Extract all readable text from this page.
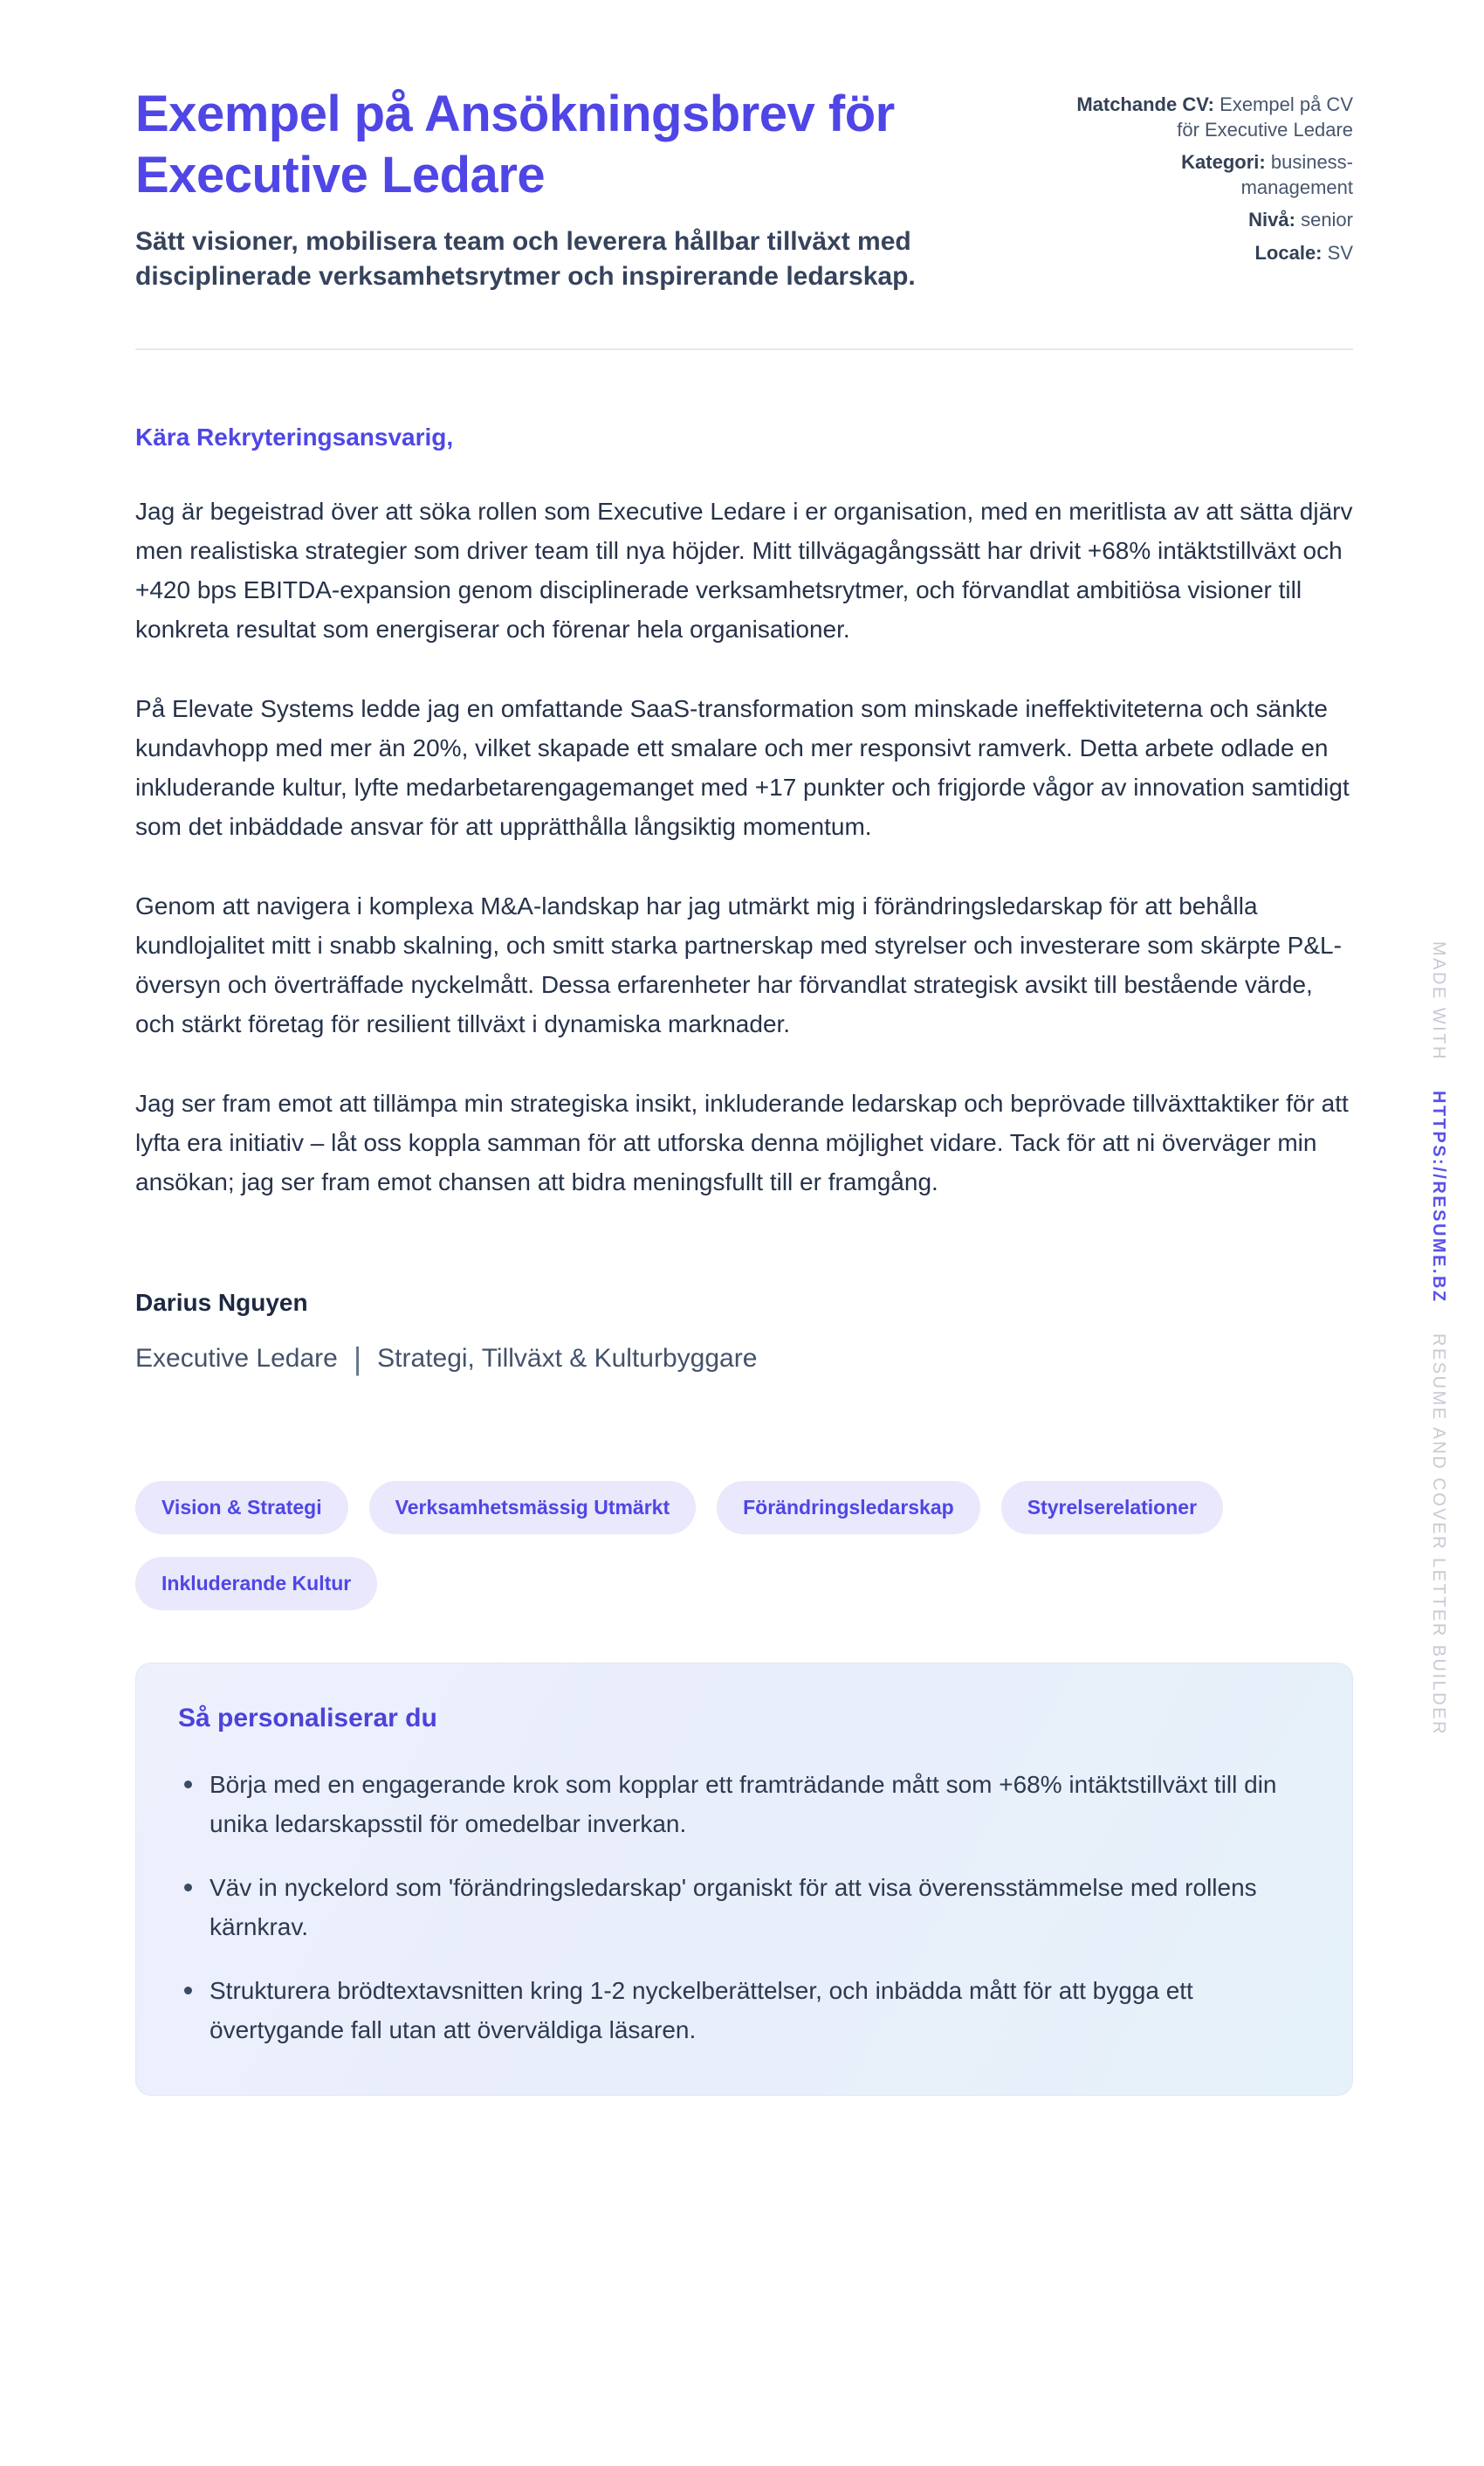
Exempel på Ansökningsbrev för Executive Ledare
Sätt visioner, mobilisera team och leverera hållbar tillväxt med disciplinerade verksamhetsrytmer och inspirerande ledarskap.
Matchande CV: Exempel på CV för Executive Ledare
Kategori: business-management
Nivå: senior
Locale: SV
Kära Rekryteringsansvarig,

Jag är begeistrad över att söka rollen som Executive Ledare i er organisation, med en meritlista av att sätta djärv men realistiska strategier som driver team till nya höjder. Mitt tillvägagångssätt har drivit +68% intäktstillväxt och +420 bps EBITDA-expansion genom disciplinerade verksamhetsrytmer, och förvandlat ambitiösa visioner till konkreta resultat som energiserar och förenar hela organisationer.

På Elevate Systems ledde jag en omfattande SaaS-transformation som minskade ineffektiviteterna och sänkte kundavhopp med mer än 20%, vilket skapade ett smalare och mer responsivt ramverk. Detta arbete odlade en inkluderande kultur, lyfte medarbetarengagemanget med +17 punkter och frigjorde vågor av innovation samtidigt som det inbäddade ansvar för att upprätthålla långsiktig momentum.

Genom att navigera i komplexa M&A-landskap har jag utmärkt mig i förändringsledarskap för att behålla kundlojalitet mitt i snabb skalning, och smitt starka partnerskap med styrelser och investerare som skärpte P&L-översyn och överträffade nyckelmått. Dessa erfarenheter har förvandlat strategisk avsikt till bestående värde, och stärkt företag för resilient tillväxt i dynamiska marknader.

Jag ser fram emot att tillämpa min strategiska insikt, inkluderande ledarskap och beprövade tillväxttaktiker för att lyfta era initiativ – låt oss koppla samman för att utforska denna möjlighet vidare. Tack för att ni överväger min ansökan; jag ser fram emot chansen att bidra meningsfullt till er framgång.

Darius Nguyen
Executive Ledare | Strategi, Tillväxt & Kulturbyggare
Vision & Strategi	Verksamhetsmässig Utmärkt	Förändringsledarskap	Styrelserelationer
Inkluderande Kultur
Så personaliserar du
Börja med en engagerande krok som kopplar ett framträdande mått som +68% intäktstillväxt till din unika ledarskapsstil för omedelbar inverkan.
Väv in nyckelord som 'förändringsledarskap' organiskt för att visa överensstämmelse med rollens kärnkrav.
Strukturera brödtextavsnitten kring 1-2 nyckelberättelser, och inbädda mått för att bygga ett övertygande fall utan att överväldiga läsaren.
MADE WITH HTTPS://RESUME.BZ RESUME AND COVER LETTER BUILDER
